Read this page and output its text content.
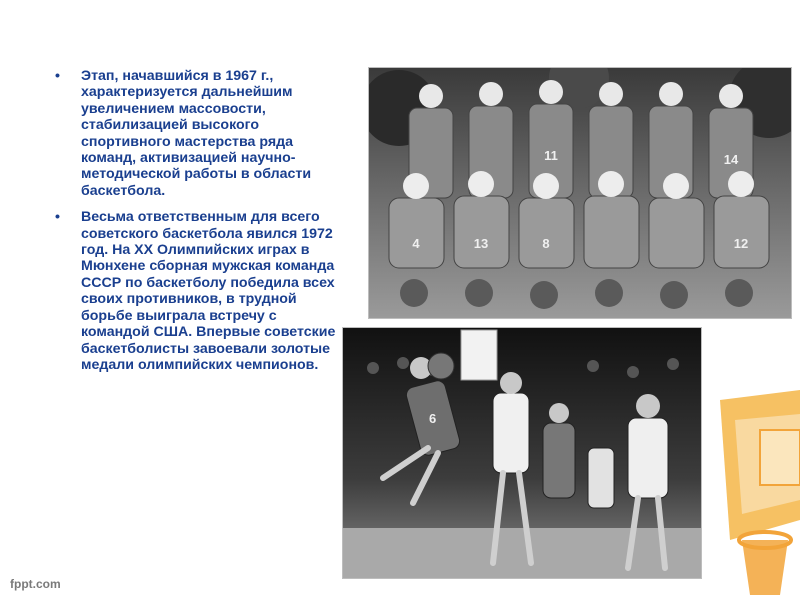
• Этап, начавшийся в 1967 г., характеризуется дальнейшим увеличением массовости, стабилизацией высокого спортивного мастерства ряда команд, активизацией научно-методической работы в области баскетбола.
• Весьма ответственным для всего советского баскетбола явился 1972 год. На XX Олимпийских играх в Мюнхене сборная мужская команда СССР по баскетболу победила всех своих противников, в трудной борьбе выиграла встречу с командой США. Впервые советские баскетболисты завоевали золотые медали олимпийских чемпионов.
11	14
4	13	8	12
6
fppt.com
